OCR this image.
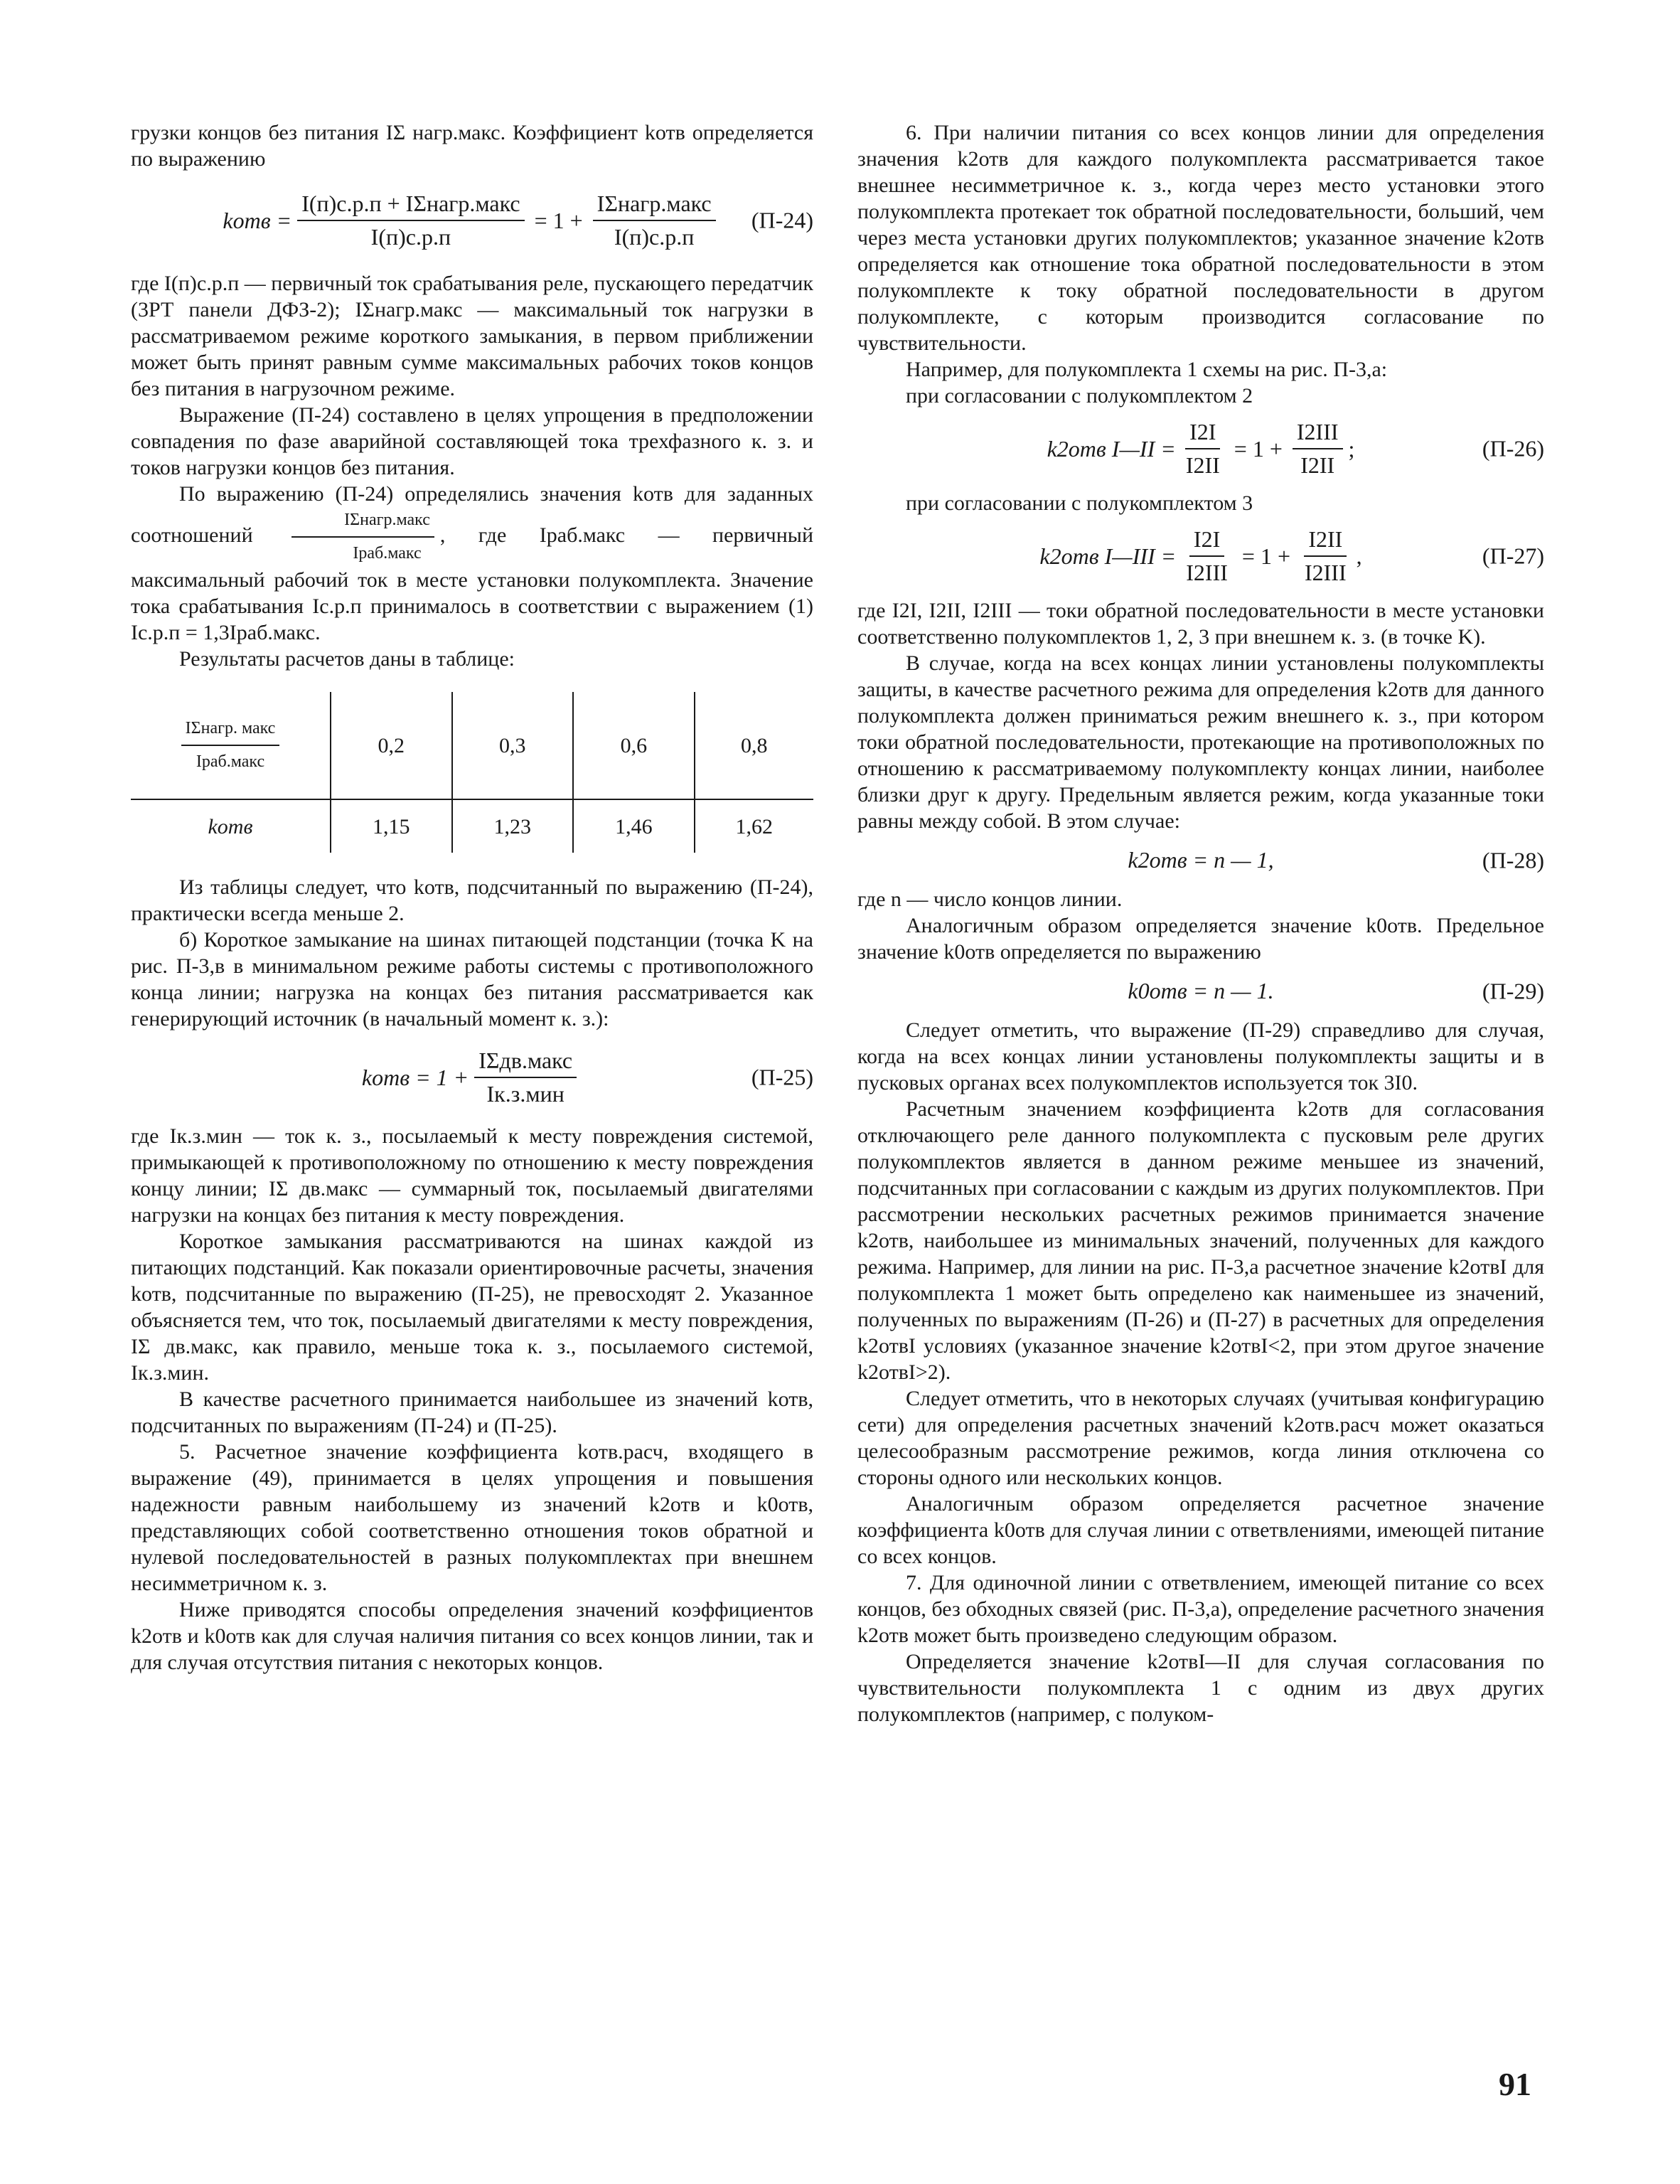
грузки концов без питания IΣ нагр.макс. Коэффициент kотв определяется по выражению

kотв = $\frac{\text{I(п)с.р.п + IΣнагр.макс}}{I(п)с.р.п} = 1 + \frac{\text{IΣнагр.макс}}{I(п)с.р.п} (П-24)$

где I(п)с.р.п — первичный ток срабатывания реле, пускающего передатчик (3РТ панели ДФЗ-2); IΣнагр.макс — максимальный ток нагрузки в рассматриваемом режиме короткого замыкания, в первом приближении может быть принят равным сумме максимальных рабочих токов концов без питания в нагрузочном режиме.

Выражение (П-24) составлено в целях упрощения в предположении совпадения по фазе аварийной составляющей тока трехфазного к. з. и токов нагрузки концов без питания.

По выражению (П-24) определялись значения kотв для заданных соотношений $\frac{\text{IΣнагр.макс}}{\text{Iраб.макс}}$ , где Iраб.макс — первичный максимальный рабочий ток в месте установки полукомплекта. Значение тока срабатывания Iс.р.п принималось в соответствии с выражением (1) Iс.р.п = 1,3Iраб.макс.

Результаты расчетов даны в таблице:

$\frac{\text{IΣнагр. макс}}{\text{Iраб.макс}}$	0,2	0,3	0,6	0,8
kотв	1,15	1,23	1,46	1,62

Из таблицы следует, что kотв, подсчитанный по выражению (П-24), практически всегда меньше 2.

б) Короткое замыкание на шинах питающей подстанции (точка K на рис. П-3,в в минимальном режиме работы системы с противоположного конца линии; нагрузка на концах без питания рассматривается как генерирующий источник (в начальный момент к. з.):

kотв = $1 + \frac{\text{IΣдв.макс}}{\text{Iк.з.мин}}$	(П-25)

где Iк.з.мин — ток к. з., посылаемый к месту повреждения системой, примыкающей к противоположному по отношению к месту повреждения концу линии; IΣ дв.макс — суммарный ток, посылаемый двигателями нагрузки на концах без питания к месту повреждения.

Короткое замыкания рассматриваются на шинах каждой из питающих подстанций. Как показали ориентировочные расчеты, значения kотв, подсчитанные по выражению (П-25), не превосходят 2. Указанное объясняется тем, что ток, посылаемый двигателями к месту повреждения, IΣ дв.макс, как правило, меньше тока к. з., посылаемого системой, Iк.з.мин.

В качестве расчетного принимается наибольшее из значений kотв, подсчитанных по выражениям (П-24) и (П-25).

5. Расчетное значение коэффициента kотв.расч, входящего в выражение (49), принимается в целях упрощения и повышения надежности равным наибольшему из значений k2отв и k0отв, представляющих собой соответственно отношения токов обратной и нулевой последовательностей в разных полукомплектах при внешнем несимметричном к. з.

Ниже приводятся способы определения значений коэффициентов k2отв и k0отв как для случая наличия питания со всех концов линии, так и для случая отсутствия питания с некоторых концов.

6. При наличии питания со всех концов линии для определения значения k2отв для каждого полукомплекта рассматривается такое внешнее несимметричное к. з., когда через место установки этого полукомплекта протекает ток обратной последовательности, больший, чем через места установки других полукомплектов; указанное значение k2отв определяется как отношение тока обратной последовательности в этом полукомплекте к току обратной последовательности в другом полукомплекте, с которым производится согласование по чувствительности.

Например, для полукомплекта 1 схемы на рис. П-3,а:

при согласовании с полукомплектом 2

k2отв I—II = $\frac{I2I}{I2II} = 1 + \frac{\text{I2III}}{I2II}$ ;	(П-26)

при согласовании с полукомплектом 3

k2отв I—III = $\frac{I2I}{\text{I2III}} = 1 + \frac{I2II}{\text{I2III}}$ ,	(П-27)

где I2I, I2II, I2III — токи обратной последовательности в месте установки соответственно полукомплектов 1, 2, 3 при внешнем к. з. (в точке K).

В случае, когда на всех концах линии установлены полукомплекты защиты, в качестве расчетного режима для определения k2отв для данного полукомплекта должен приниматься режим внешнего к. з., при котором токи обратной последовательности, протекающие на противоположных по отношению к рассматриваемому полукомплекту концах линии, наиболее близки друг к другу. Предельным является режим, когда указанные токи равны между собой. В этом случае:

k2отв = n — 1,	(П-28)

где n — число концов линии.

Аналогичным образом определяется значение k0отв. Предельное значение k0отв определяется по выражению

k0отв = n — 1.	(П-29)

Следует отметить, что выражение (П-29) справедливо для случая, когда на всех концах линии установлены полукомплекты защиты и в пусковых органах всех полукомплектов используется ток 3I0.

Расчетным значением коэффициента k2отв для согласования отключающего реле данного полукомплекта с пусковым реле других полукомплектов является в данном режиме меньшее из значений, подсчитанных при согласовании с каждым из других полукомплектов. При рассмотрении нескольких расчетных режимов принимается значение k2отв, наибольшее из минимальных значений, полученных для каждого режима. Например, для линии на рис. П-3,а расчетное значение k2отвI для полукомплекта 1 может быть определено как наименьшее из значений, полученных по выражениям (П-26) и (П-27) в расчетных для определения k2отвI условиях (указанное значение k2отвI<2, при этом другое значение k2отвI>2).

Следует отметить, что в некоторых случаях (учитывая конфигурацию сети) для определения расчетных значений k2отв.расч может оказаться целесообразным рассмотрение режимов, когда линия отключена со стороны одного или нескольких концов.

Аналогичным образом определяется расчетное значение коэффициента k0отв для случая линии с ответвлениями, имеющей питание со всех концов.

7. Для одиночной линии с ответвлением, имеющей питание со всех концов, без обходных связей (рис. П-3,а), определение расчетного значения k2отв может быть произведено следующим образом.

Определяется значение k2отвI—II для случая согласования по чувствительности полукомплекта 1 с одним из двух других полукомплектов (например, с полуком-

91
